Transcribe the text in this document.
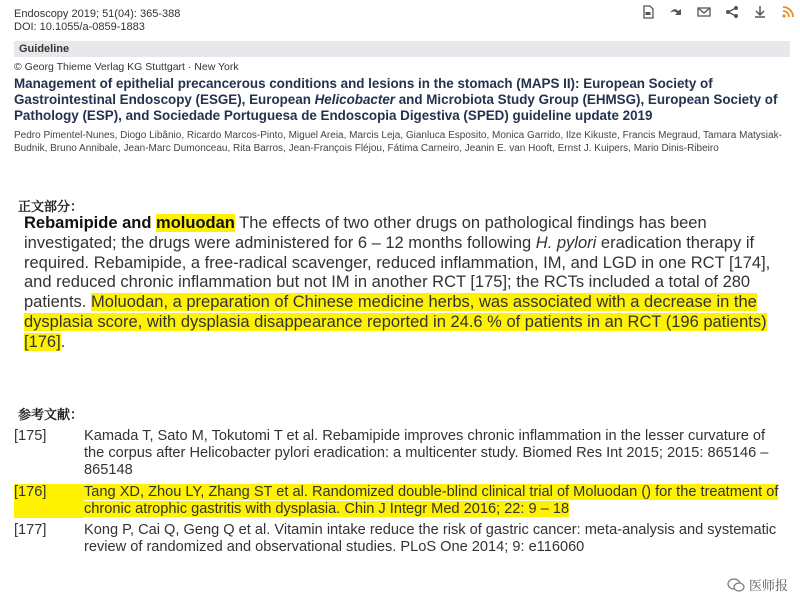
Endoscopy 2019; 51(04): 365-388
DOI: 10.1055/a-0859-1883
Guideline
© Georg Thieme Verlag KG Stuttgart · New York
Management of epithelial precancerous conditions and lesions in the stomach (MAPS II): European Society of Gastrointestinal Endoscopy (ESGE), European Helicobacter and Microbiota Study Group (EHMSG), European Society of Pathology (ESP), and Sociedade Portuguesa de Endoscopia Digestiva (SPED) guideline update 2019
Pedro Pimentel-Nunes, Diogo Libânio, Ricardo Marcos-Pinto, Miguel Areia, Marcis Leja, Gianluca Esposito, Monica Garrido, Ilze Kikuste, Francis Megraud, Tamara Matysiak-Budnik, Bruno Annibale, Jean-Marc Dumonceau, Rita Barros, Jean-François Fléjou, Fátima Carneiro, Jeanin E. van Hooft, Ernst J. Kuipers, Mario Dinis-Ribeiro
正文部分：
Rebamipide and moluodan The effects of two other drugs on pathological findings has been investigated; the drugs were administered for 6 – 12 months following H. pylori eradication therapy if required. Rebamipide, a free-radical scavenger, reduced inflammation, IM, and LGD in one RCT [174], and reduced chronic inflammation but not IM in another RCT [175]; the RCTs included a total of 280 patients. Moluodan, a preparation of Chinese medicine herbs, was associated with a decrease in the dysplasia score, with dysplasia disappearance reported in 24.6 % of patients in an RCT (196 patients) [176].
参考文献：
[175]	Kamada T, Sato M, Tokutomi T et al. Rebamipide improves chronic inflammation in the lesser curvature of the corpus after Helicobacter pylori eradication: a multicenter study. Biomed Res Int 2015; 2015: 865146 – 865148
[176]	Tang XD, Zhou LY, Zhang ST et al. Randomized double-blind clinical trial of Moluodan () for the treatment of chronic atrophic gastritis with dysplasia. Chin J Integr Med 2016; 22: 9 – 18
[177]	Kong P, Cai Q, Geng Q et al. Vitamin intake reduce the risk of gastric cancer: meta-analysis and systematic review of randomized and observational studies. PLoS One 2014; 9: e116060
医师报
